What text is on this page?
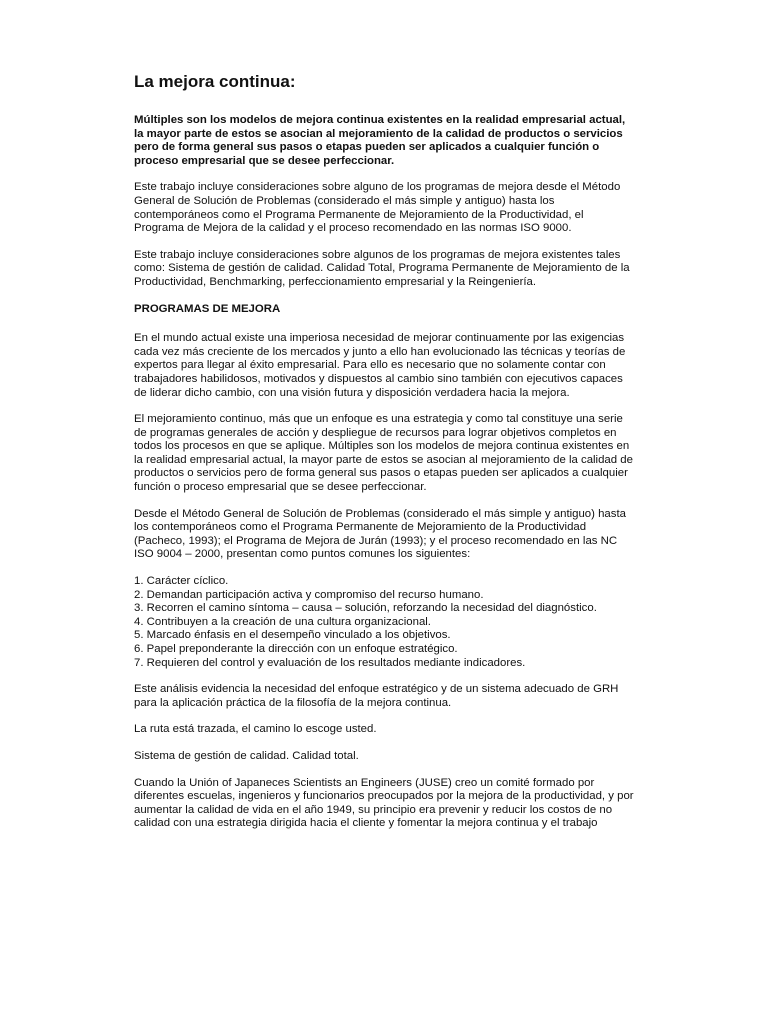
La mejora continua:

Múltiples son los modelos de mejora continua existentes en la realidad empresarial actual, la mayor parte de estos se asocian al mejoramiento de la calidad de productos o servicios pero de forma general sus pasos o etapas pueden ser aplicados a cualquier función o proceso empresarial que se desee perfeccionar.

Este trabajo incluye consideraciones sobre alguno de los programas de mejora desde el Método General de Solución de Problemas (considerado el más simple y antiguo) hasta los contemporáneos como el Programa Permanente de Mejoramiento de la Productividad, el Programa de Mejora de la calidad y el proceso recomendado en las normas ISO 9000.

Este trabajo incluye consideraciones sobre algunos de los programas de mejora existentes tales como: Sistema de gestión de calidad. Calidad Total, Programa Permanente de Mejoramiento de la Productividad, Benchmarking, perfeccionamiento empresarial y la Reingeniería.

PROGRAMAS DE MEJORA

En el mundo actual existe una imperiosa necesidad de mejorar continuamente por las exigencias cada vez más creciente de los mercados y junto a ello han evolucionado las técnicas y teorías de expertos para llegar al éxito empresarial. Para ello es necesario que no solamente contar con trabajadores habilidosos, motivados y dispuestos al cambio sino también con ejecutivos capaces de liderar dicho cambio, con una visión futura y disposición verdadera hacia la mejora.

El mejoramiento continuo, más que un enfoque es una estrategia y como tal constituye una serie de programas generales de acción y despliegue de recursos para lograr objetivos completos en todos los procesos en que se aplique. Múltiples son los modelos de mejora continua existentes en la realidad empresarial actual, la mayor parte de estos se asocian al mejoramiento de la calidad de productos o servicios pero de forma general sus pasos o etapas pueden ser aplicados a cualquier función o proceso empresarial que se desee perfeccionar.

Desde el Método General de Solución de Problemas (considerado el más simple y antiguo) hasta los contemporáneos como el Programa Permanente de Mejoramiento de la Productividad (Pacheco, 1993); el Programa de Mejora de Jurán (1993); y el proceso recomendado en las NC ISO 9004 – 2000, presentan como puntos comunes los siguientes:

1. Carácter cíclico.
2. Demandan participación activa y compromiso del recurso humano.
3. Recorren el camino síntoma – causa – solución, reforzando la necesidad del diagnóstico.
4. Contribuyen a la creación de una cultura organizacional.
5. Marcado énfasis en el desempeño vinculado a los objetivos.
6. Papel preponderante la dirección con un enfoque estratégico.
7. Requieren del control y evaluación de los resultados mediante indicadores.

Este análisis evidencia la necesidad del enfoque estratégico y de un sistema adecuado de GRH para la aplicación práctica de la filosofía de la mejora continua.

La ruta está trazada, el camino lo escoge usted.

Sistema de gestión de calidad. Calidad total.

Cuando la Unión of Japaneces Scientists an Engineers (JUSE) creo un comité formado por diferentes escuelas, ingenieros y funcionarios preocupados por la mejora de la productividad, y por aumentar la calidad de vida en el año 1949, su principio era prevenir y reducir los costos de no calidad con una estrategia dirigida hacia el cliente y fomentar la mejora continua y el trabajo
